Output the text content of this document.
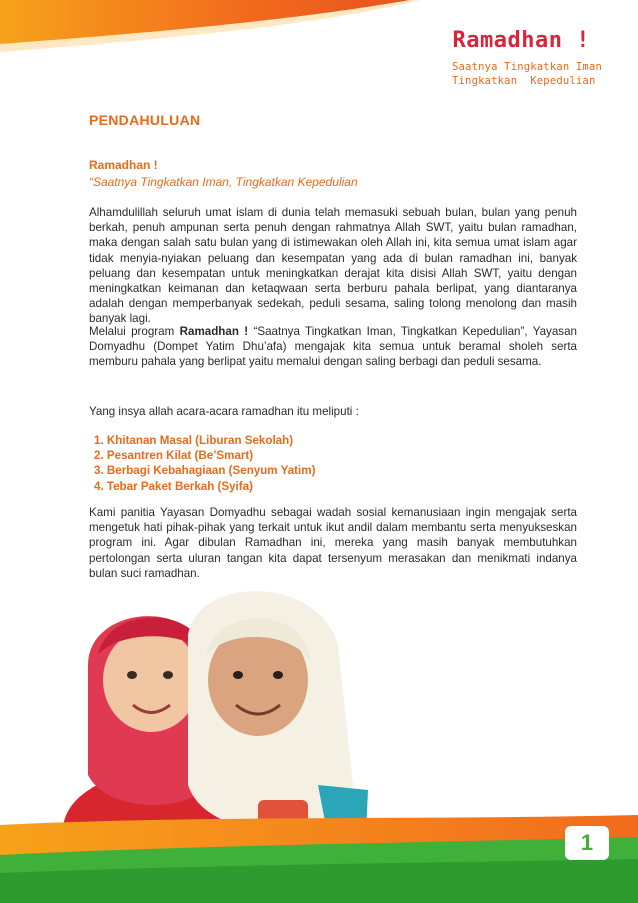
Ramadhan !
Saatnya Tingkatkan Iman
Tingkatkan  Kepedulian
PENDAHULUAN
Ramadhan !
“Saatnya Tingkatkan Iman, Tingkatkan Kepedulian

Alhamdulillah seluruh umat islam di dunia telah memasuki sebuah bulan, bulan yang penuh berkah, penuh ampunan serta penuh dengan rahmatnya Allah SWT, yaitu bulan ramadhan, maka dengan salah satu bulan yang di istimewakan oleh Allah ini, kita semua umat islam agar tidak menyia-nyiakan peluang dan kesempatan yang ada di bulan ramadhan ini, banyak peluang dan kesempatan untuk meningkatkan derajat kita disisi Allah SWT, yaitu dengan meningkatkan keimanan dan ketaqwaan serta berburu pahala berlipat, yang diantaranya adalah dengan memperbanyak sedekah, peduli sesama, saling tolong menolong dan masih banyak lagi.

Melalui program Ramadhan ! “Saatnya Tingkatkan Iman, Tingkatkan Kepedulian”, Yayasan Domyadhu (Dompet Yatim Dhu’afa) mengajak kita semua untuk beramal sholeh serta memburu pahala yang berlipat yaitu memalui dengan saling berbagi dan peduli sesama.

Yang insya allah acara-acara ramadhan itu meliputi :

1. Khitanan Masal (Liburan Sekolah)
2. Pesantren Kilat (Be’Smart)
3. Berbagi Kebahagiaan (Senyum Yatim)
4. Tebar Paket Berkah (Syifa)

Kami panitia Yayasan Domyadhu sebagai wadah sosial kemanusiaan ingin mengajak serta mengetuk hati pihak-pihak yang terkait untuk ikut andil dalam membantu serta menyukseskan program ini. Agar dibulan Ramadhan ini, mereka yang masih banyak membutuhkan pertolongan serta uluran tangan kita dapat tersenyum merasakan dan menikmati indanya bulan suci ramadhan.

1
